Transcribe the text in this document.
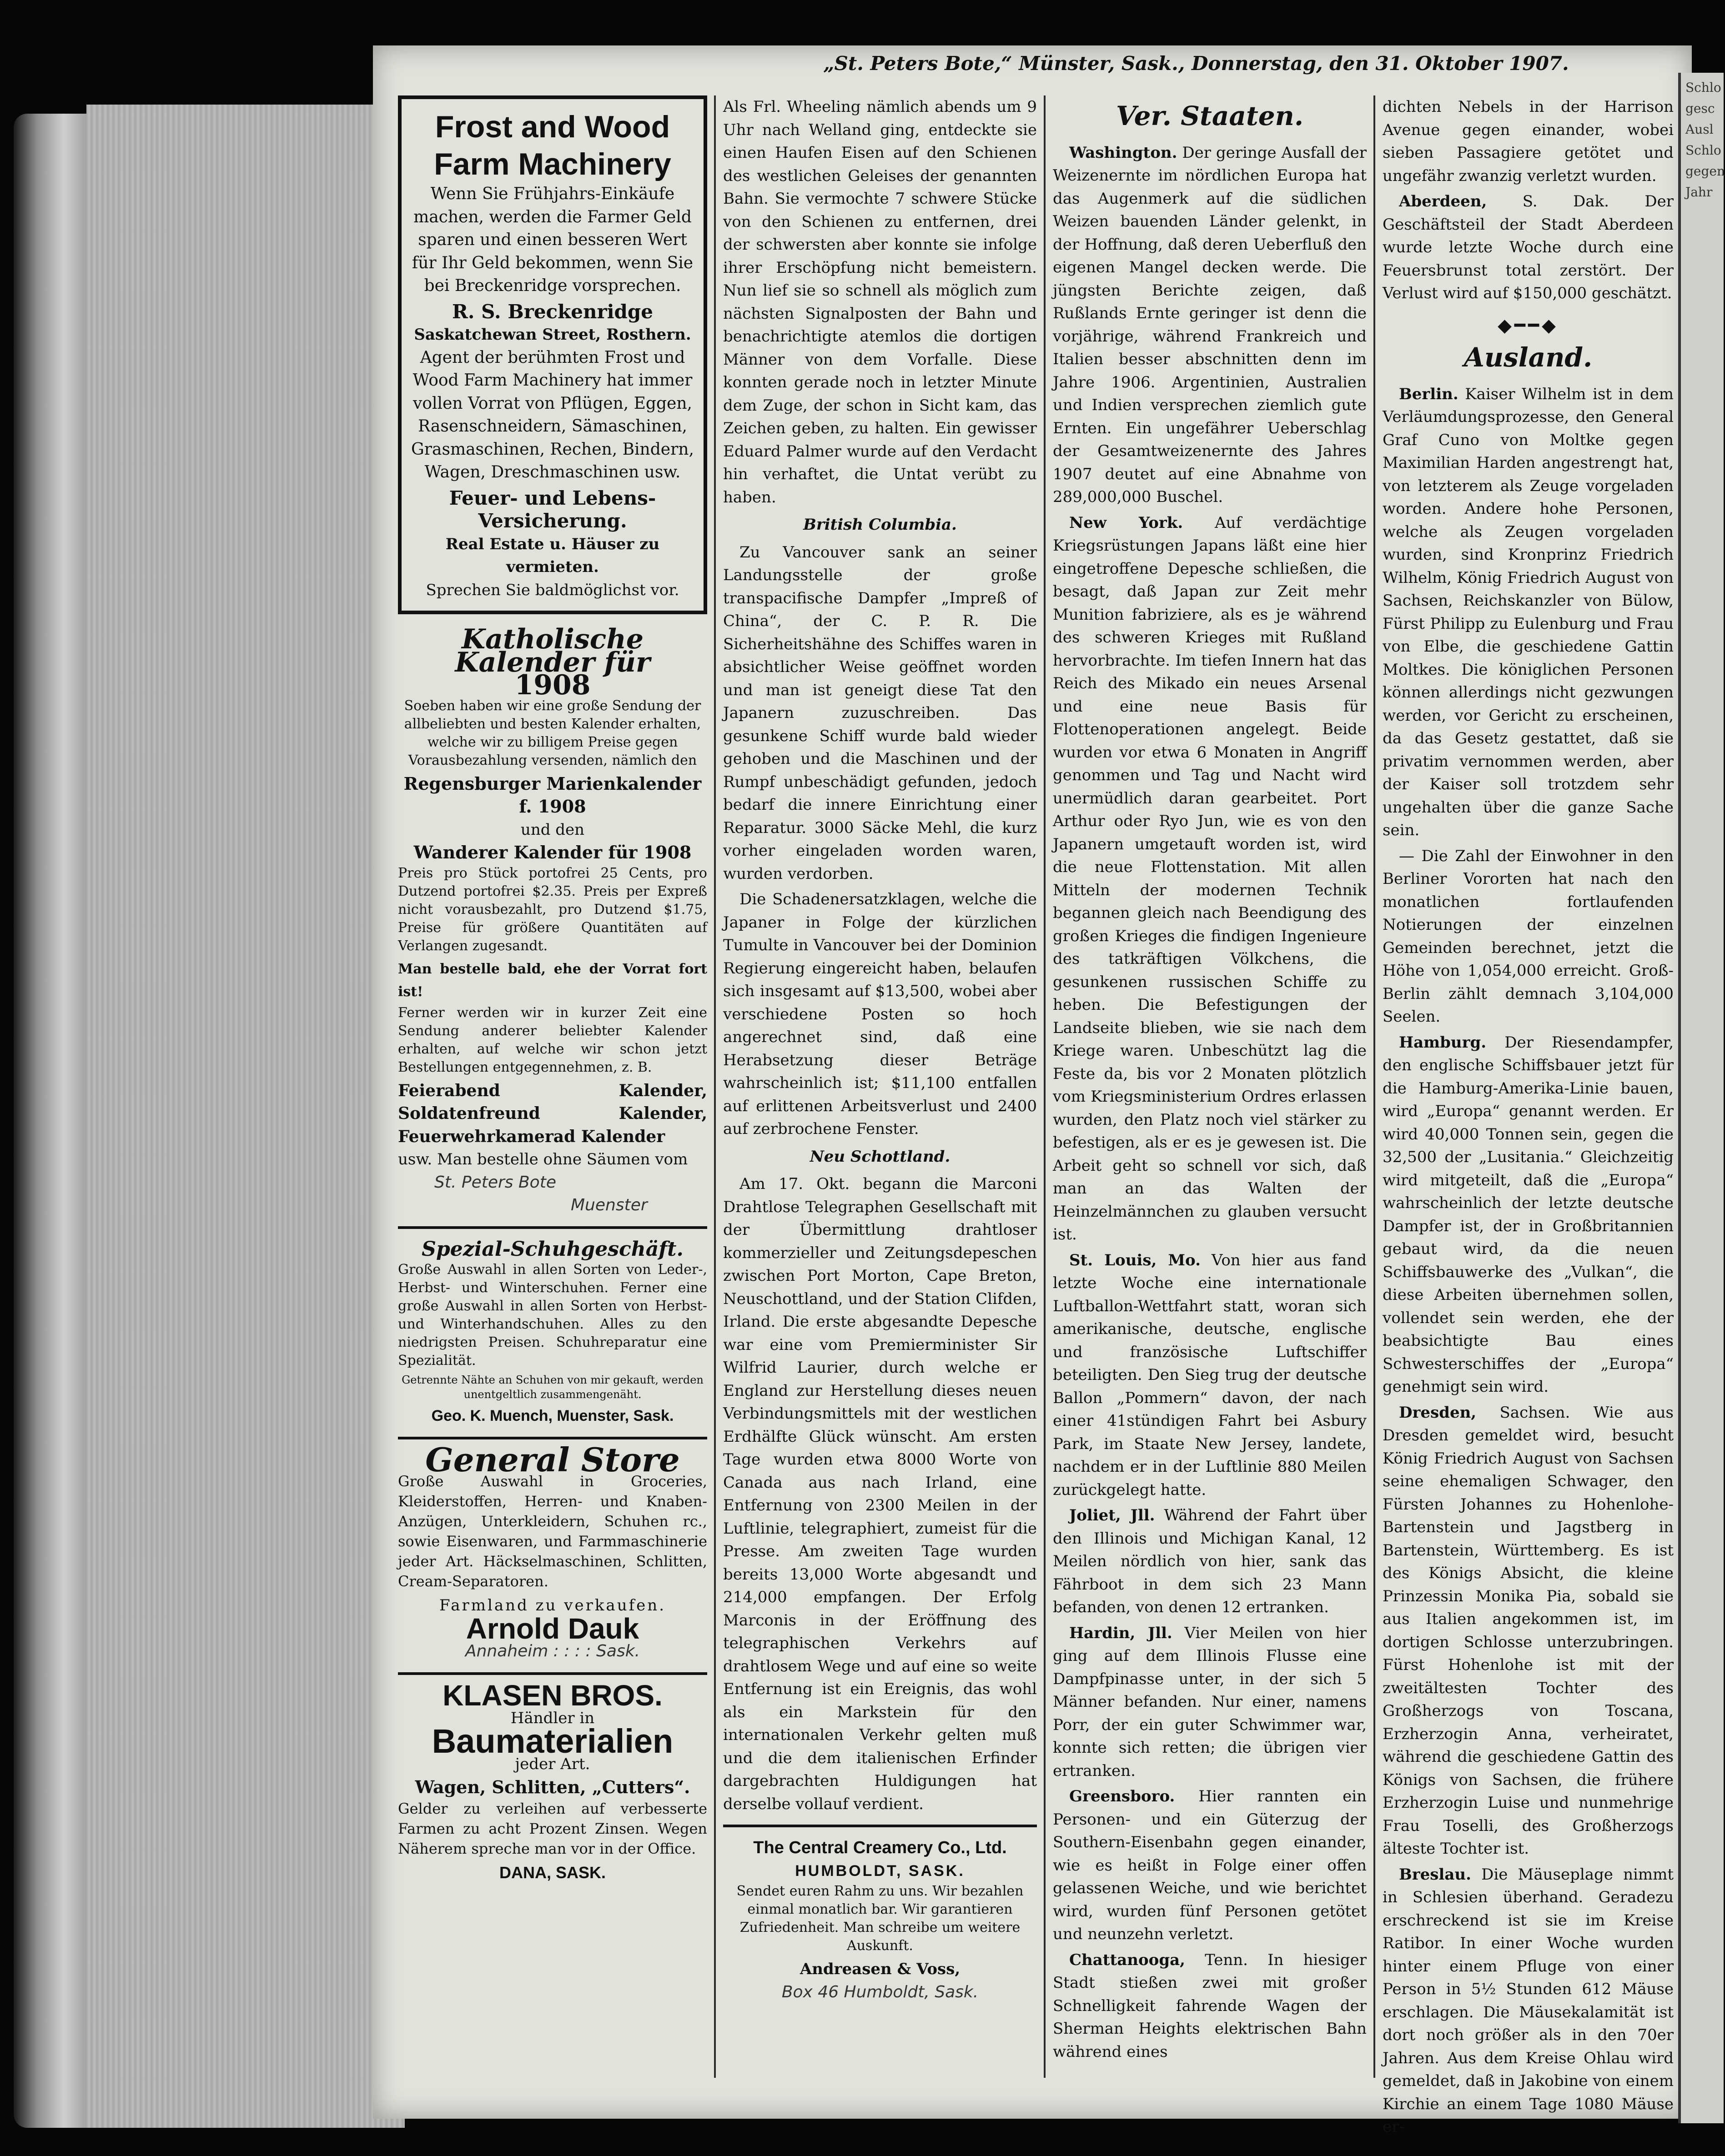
„St. Peters Bote,“ Münster, Sask., Donnerstag, den 31. Oktober 1907.
Frost and Wood Farm Machinery

Wenn Sie Frühjahrs-Einkäufe machen, werden die Farmer Geld sparen und einen besseren Wert für Ihr Geld bekommen, wenn Sie bei Breckenridge vorsprechen.

R. S. Breckenridge
Saskatchewan Street, Rosthern.

Agent der berühmten Frost und Wood Farm Machinery hat immer vollen Vorrat von Pflügen, Eggen, Rasenschneidern, Sämaschinen, Grasmaschinen, Rechen, Bindern, Wagen, Dreschmaschinen usw.

Feuer- und Lebens-Versicherung.
Real Estate u. Häuser zu vermieten.
Sprechen Sie baldmöglichst vor.
Katholische Kalender für
1908

Soeben haben wir eine große Sendung der allbeliebten und besten Kalender erhalten, welche wir zu billigem Preise gegen Vorausbezahlung versenden, nämlich den

Regensburger Marienkalender f. 1908
und den
Wanderer Kalender für 1908

Preis pro Stück portofrei 25 Cents, pro Dutzend portofrei $2.35. Preis per Expreß nicht vorausbezahlt, pro Dutzend $1.75, Preise für größere Quantitäten auf Verlangen zugesandt.

Man bestelle bald, ehe der Vorrat fort ist!

Ferner werden wir in kurzer Zeit eine Sendung anderer beliebter Kalender erhalten, auf welche wir schon jetzt Bestellungen entgegennehmen, z. B.

Feierabend Kalender, Soldatenfreund Kalender, Feuerwehrkamerad Kalender
usw. Man bestelle ohne Säumen vom
St. Peters Bote
Muenster
Spezial-Schuhgeschäft.

Große Auswahl in allen Sorten von Leder-, Herbst- und Winterschuhen. Ferner eine große Auswahl in allen Sorten von Herbst- und Winterhandschuhen. Alles zu den niedrigsten Preisen. Schuhreparatur eine Spezialität.

Getrennte Nähte an Schuhen von mir gekauft, werden unentgeltlich zusammengenäht.

Geo. K. Muench, Muenster, Sask.
General Store

Große Auswahl in Groceries, Kleiderstoffen, Herren- und Knaben-Anzügen, Unterkleidern, Schuhen rc., sowie Eisenwaren, und Farmmaschinerie jeder Art. Häckselmaschinen, Schlitten, Cream-Separatoren.

Farmland zu verkaufen.
Arnold Dauk
Annaheim : : : : Sask.
KLASEN BROS.
Händler in
Baumaterialien
jeder Art.
Wagen, Schlitten, „Cutters“.

Gelder zu verleihen auf verbesserte Farmen zu acht Prozent Zinsen. Wegen Näherem spreche man vor in der Office.

DANA, SASK.

Als Frl. Wheeling nämlich abends um 9 Uhr nach Welland ging, entdeckte sie einen Haufen Eisen auf den Schienen des westlichen Geleises der genannten Bahn. Sie vermochte 7 schwere Stücke von den Schienen zu entfernen, drei der schwersten aber konnte sie infolge ihrer Erschöpfung nicht bemeistern. Nun lief sie so schnell als möglich zum nächsten Signalposten der Bahn und benachrichtigte atemlos die dortigen Männer von dem Vorfalle. Diese konnten gerade noch in letzter Minute dem Zuge, der schon in Sicht kam, das Zeichen geben, zu halten. Ein gewisser Eduard Palmer wurde auf den Verdacht hin verhaftet, die Untat verübt zu haben.

British Columbia.

Zu Vancouver sank an seiner Landungsstelle der große transpacifische Dampfer „Impreß of China“, der C. P. R. Die Sicherheitshähne des Schiffes waren in absichtlicher Weise geöffnet worden und man ist geneigt diese Tat den Japanern zuzuschreiben. Das gesunkene Schiff wurde bald wieder gehoben und die Maschinen und der Rumpf unbeschädigt gefunden, jedoch bedarf die innere Einrichtung einer Reparatur. 3000 Säcke Mehl, die kurz vorher eingeladen worden waren, wurden verdorben.

Die Schadenersatzklagen, welche die Japaner in Folge der kürzlichen Tumulte in Vancouver bei der Dominion Regierung eingereicht haben, belaufen sich insgesamt auf $13,500, wobei aber verschiedene Posten so hoch angerechnet sind, daß eine Herabsetzung dieser Beträge wahrscheinlich ist; $11,100 entfallen auf erlittenen Arbeitsverlust und 2400 auf zerbrochene Fenster.

Neu Schottland.

Am 17. Okt. begann die Marconi Drahtlose Telegraphen Gesellschaft mit der Übermittlung drahtloser kommerzieller und Zeitungsdepeschen zwischen Port Morton, Cape Breton, Neuschottland, und der Station Clifden, Irland. Die erste abgesandte Depesche war eine vom Premierminister Sir Wilfrid Laurier, durch welche er England zur Herstellung dieses neuen Verbindungsmittels mit der westlichen Erdhälfte Glück wünscht. Am ersten Tage wurden etwa 8000 Worte von Canada aus nach Irland, eine Entfernung von 2300 Meilen in der Luftlinie, telegraphiert, zumeist für die Presse. Am zweiten Tage wurden bereits 13,000 Worte abgesandt und 214,000 empfangen. Der Erfolg Marconis in der Eröffnung des telegraphischen Verkehrs auf drahtlosem Wege und auf eine so weite Entfernung ist ein Ereignis, das wohl als ein Markstein für den internationalen Verkehr gelten muß und die dem italienischen Erfinder dargebrachten Huldigungen hat derselbe vollauf verdient.

The Central Creamery Co., Ltd.
HUMBOLDT, SASK.

Sendet euren Rahm zu uns. Wir bezahlen einmal monatlich bar. Wir garantieren Zufriedenheit. Man schreibe um weitere Auskunft.

Andreasen & Voss,
Box 46 Humboldt, Sask.
Ver. Staaten.

Washington. Der geringe Ausfall der Weizenernte im nördlichen Europa hat das Augenmerk auf die südlichen Weizen bauenden Länder gelenkt, in der Hoffnung, daß deren Ueberfluß den eigenen Mangel decken werde. Die jüngsten Berichte zeigen, daß Rußlands Ernte geringer ist denn die vorjährige, während Frankreich und Italien besser abschnitten denn im Jahre 1906. Argentinien, Australien und Indien versprechen ziemlich gute Ernten. Ein ungefährer Ueberschlag der Gesamtweizenernte des Jahres 1907 deutet auf eine Abnahme von 289,000,000 Buschel.

New York. Auf verdächtige Kriegsrüstungen Japans läßt eine hier eingetroffene Depesche schließen, die besagt, daß Japan zur Zeit mehr Munition fabriziere, als es je während des schweren Krieges mit Rußland hervorbrachte. Im tiefen Innern hat das Reich des Mikado ein neues Arsenal und eine neue Basis für Flottenoperationen angelegt. Beide wurden vor etwa 6 Monaten in Angriff genommen und Tag und Nacht wird unermüdlich daran gearbeitet. Port Arthur oder Ryo Jun, wie es von den Japanern umgetauft worden ist, wird die neue Flottenstation. Mit allen Mitteln der modernen Technik begannen gleich nach Beendigung des großen Krieges die findigen Ingenieure des tatkräftigen Völkchens, die gesunkenen russischen Schiffe zu heben. Die Befestigungen der Landseite blieben, wie sie nach dem Kriege waren. Unbeschützt lag die Feste da, bis vor 2 Monaten plötzlich vom Kriegsministerium Ordres erlassen wurden, den Platz noch viel stärker zu befestigen, als er es je gewesen ist. Die Arbeit geht so schnell vor sich, daß man an das Walten der Heinzelmännchen zu glauben versucht ist.

St. Louis, Mo. Von hier aus fand letzte Woche eine internationale Luftballon-Wettfahrt statt, woran sich amerikanische, deutsche, englische und französische Luftschiffer beteiligten. Den Sieg trug der deutsche Ballon „Pommern“ davon, der nach einer 41stündigen Fahrt bei Asbury Park, im Staate New Jersey, landete, nachdem er in der Luftlinie 880 Meilen zurückgelegt hatte.

Joliet, Jll. Während der Fahrt über den Illinois und Michigan Kanal, 12 Meilen nördlich von hier, sank das Fährboot in dem sich 23 Mann befanden, von denen 12 ertranken.

Hardin, Jll. Vier Meilen von hier ging auf dem Illinois Flusse eine Dampfpinasse unter, in der sich 5 Männer befanden. Nur einer, namens Porr, der ein guter Schwimmer war, konnte sich retten; die übrigen vier ertranken.

Greensboro. Hier rannten ein Personen- und ein Güterzug der Southern-Eisenbahn gegen einander, wie es heißt in Folge einer offen gelassenen Weiche, und wie berichtet wird, wurden fünf Personen getötet und neunzehn verletzt.

Chattanooga, Tenn. In hiesiger Stadt stießen zwei mit großer Schnelligkeit fahrende Wagen der Sherman Heights elektrischen Bahn während eines

dichten Nebels in der Harrison Avenue gegen einander, wobei sieben Passagiere getötet und ungefähr zwanzig verletzt wurden.

Aberdeen, S. Dak. Der Geschäftsteil der Stadt Aberdeen wurde letzte Woche durch eine Feuersbrunst total zerstört. Der Verlust wird auf $150,000 geschätzt.

◆━━◆
Ausland.

Berlin. Kaiser Wilhelm ist in dem Verläumdungsprozesse, den General Graf Cuno von Moltke gegen Maximilian Harden angestrengt hat, von letzterem als Zeuge vorgeladen worden. Andere hohe Personen, welche als Zeugen vorgeladen wurden, sind Kronprinz Friedrich Wilhelm, König Friedrich August von Sachsen, Reichskanzler von Bülow, Fürst Philipp zu Eulenburg und Frau von Elbe, die geschiedene Gattin Moltkes. Die königlichen Personen können allerdings nicht gezwungen werden, vor Gericht zu erscheinen, da das Gesetz gestattet, daß sie privatim vernommen werden, aber der Kaiser soll trotzdem sehr ungehalten über die ganze Sache sein.

— Die Zahl der Einwohner in den Berliner Vororten hat nach den monatlichen fortlaufenden Notierungen der einzelnen Gemeinden berechnet, jetzt die Höhe von 1,054,000 erreicht. Groß-Berlin zählt demnach 3,104,000 Seelen.

Hamburg. Der Riesendampfer, den englische Schiffsbauer jetzt für die Hamburg-Amerika-Linie bauen, wird „Europa“ genannt werden. Er wird 40,000 Tonnen sein, gegen die 32,500 der „Lusitania.“ Gleichzeitig wird mitgeteilt, daß die „Europa“ wahrscheinlich der letzte deutsche Dampfer ist, der in Großbritannien gebaut wird, da die neuen Schiffsbauwerke des „Vulkan“, die diese Arbeiten übernehmen sollen, vollendet sein werden, ehe der beabsichtigte Bau eines Schwesterschiffes der „Europa“ genehmigt sein wird.

Dresden, Sachsen. Wie aus Dresden gemeldet wird, besucht König Friedrich August von Sachsen seine ehemaligen Schwager, den Fürsten Johannes zu Hohenlohe-Bartenstein und Jagstberg in Bartenstein, Württemberg. Es ist des Königs Absicht, die kleine Prinzessin Monika Pia, sobald sie aus Italien angekommen ist, im dortigen Schlosse unterzubringen. Fürst Hohenlohe ist mit der zweitältesten Tochter des Großherzogs von Toscana, Erzherzogin Anna, verheiratet, während die geschiedene Gattin des Königs von Sachsen, die frühere Erzherzogin Luise und nunmehrige Frau Toselli, des Großherzogs älteste Tochter ist.

Breslau. Die Mäuseplage nimmt in Schlesien überhand. Geradezu erschreckend ist sie im Kreise Ratibor. In einer Woche wurden hinter einem Pfluge von einer Person in 5½ Stunden 612 Mäuse erschlagen. Die Mäusekalamität ist dort noch größer als in den 70er Jahren. Aus dem Kreise Ohlau wird gemeldet, daß in Jakobine von einem Kirchie an einem Tage 1080 Mäuse er-

Schlo gesc Ausl Schlo gegen Jahr
